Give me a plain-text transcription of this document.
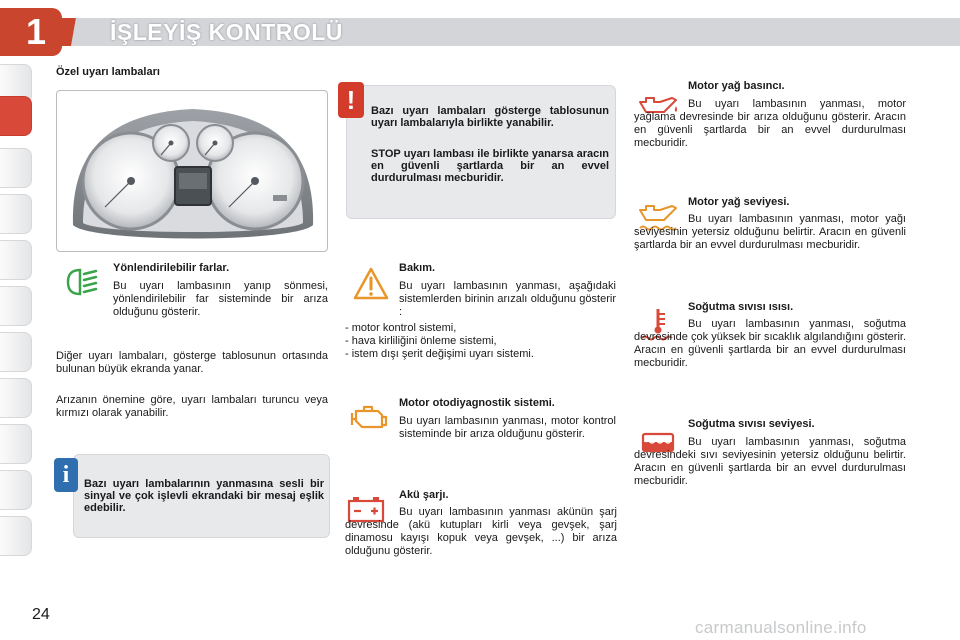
1	İŞLEYİŞ KONTROLÜ
Özel uyarı lambaları
!	Bazı uyarı lambaları gösterge tablosunun uyarı lambalarıyla birlikte yanabilir.
STOP uyarı lambası ile birlikte yanarsa aracın en güvenli şartlarda bir an evvel durdurulması mecburidir.
Yönlendirilebilir farlar.
Bu uyarı lambasının yanıp sönmesi, yönlendirilebilir far sisteminde bir arıza olduğunu gösterir.
Diğer uyarı lambaları, gösterge tablosunun ortasında bulunan büyük ekranda yanar.
Arızanın önemine göre, uyarı lambaları turuncu veya kırmızı olarak yanabilir.
i	Bazı uyarı lambalarının yanmasına sesli bir sinyal ve çok işlevli ekrandaki bir mesaj eşlik edebilir.
Bakım.
Bu uyarı lambasının yanması, aşağıdaki sistemlerden birinin arızalı olduğunu gösterir :
- motor kontrol sistemi,
- hava kirliliğini önleme sistemi,
- istem dışı şerit değişimi uyarı sistemi.
Motor otodiyagnostik sistemi.
Bu uyarı lambasının yanması, motor kontrol sisteminde bir arıza olduğunu gösterir.
Akü şarjı.
Bu uyarı lambasının yanması akünün şarj devresinde (akü kutupları kirli veya gevşek, şarj dinamosu kayışı kopuk veya gevşek, ...) bir arıza olduğunu gösterir.
Motor yağ basıncı.
Bu uyarı lambasının yanması, motor yağlama devresinde bir arıza olduğunu gösterir. Aracın en güvenli şartlarda bir an evvel durdurulması mecburidir.
Motor yağ seviyesi.
Bu uyarı lambasının yanması, motor yağı seviyesinin yetersiz olduğunu belirtir. Aracın en güvenli şartlarda bir an evvel durdurulması mecburidir.
Soğutma sıvısı ısısı.
Bu uyarı lambasının yanması, soğutma devresinde çok yüksek bir sıcaklık algılandığını gösterir. Aracın en güvenli şartlarda bir an evvel durdurulması mecburidir.
Soğutma sıvısı seviyesi.
Bu uyarı lambasının yanması, soğutma devresindeki sıvı seviyesinin yetersiz olduğunu belirtir. Aracın en güvenli şartlarda bir an evvel durdurulması mecburidir.
24
carmanualsonline.info
